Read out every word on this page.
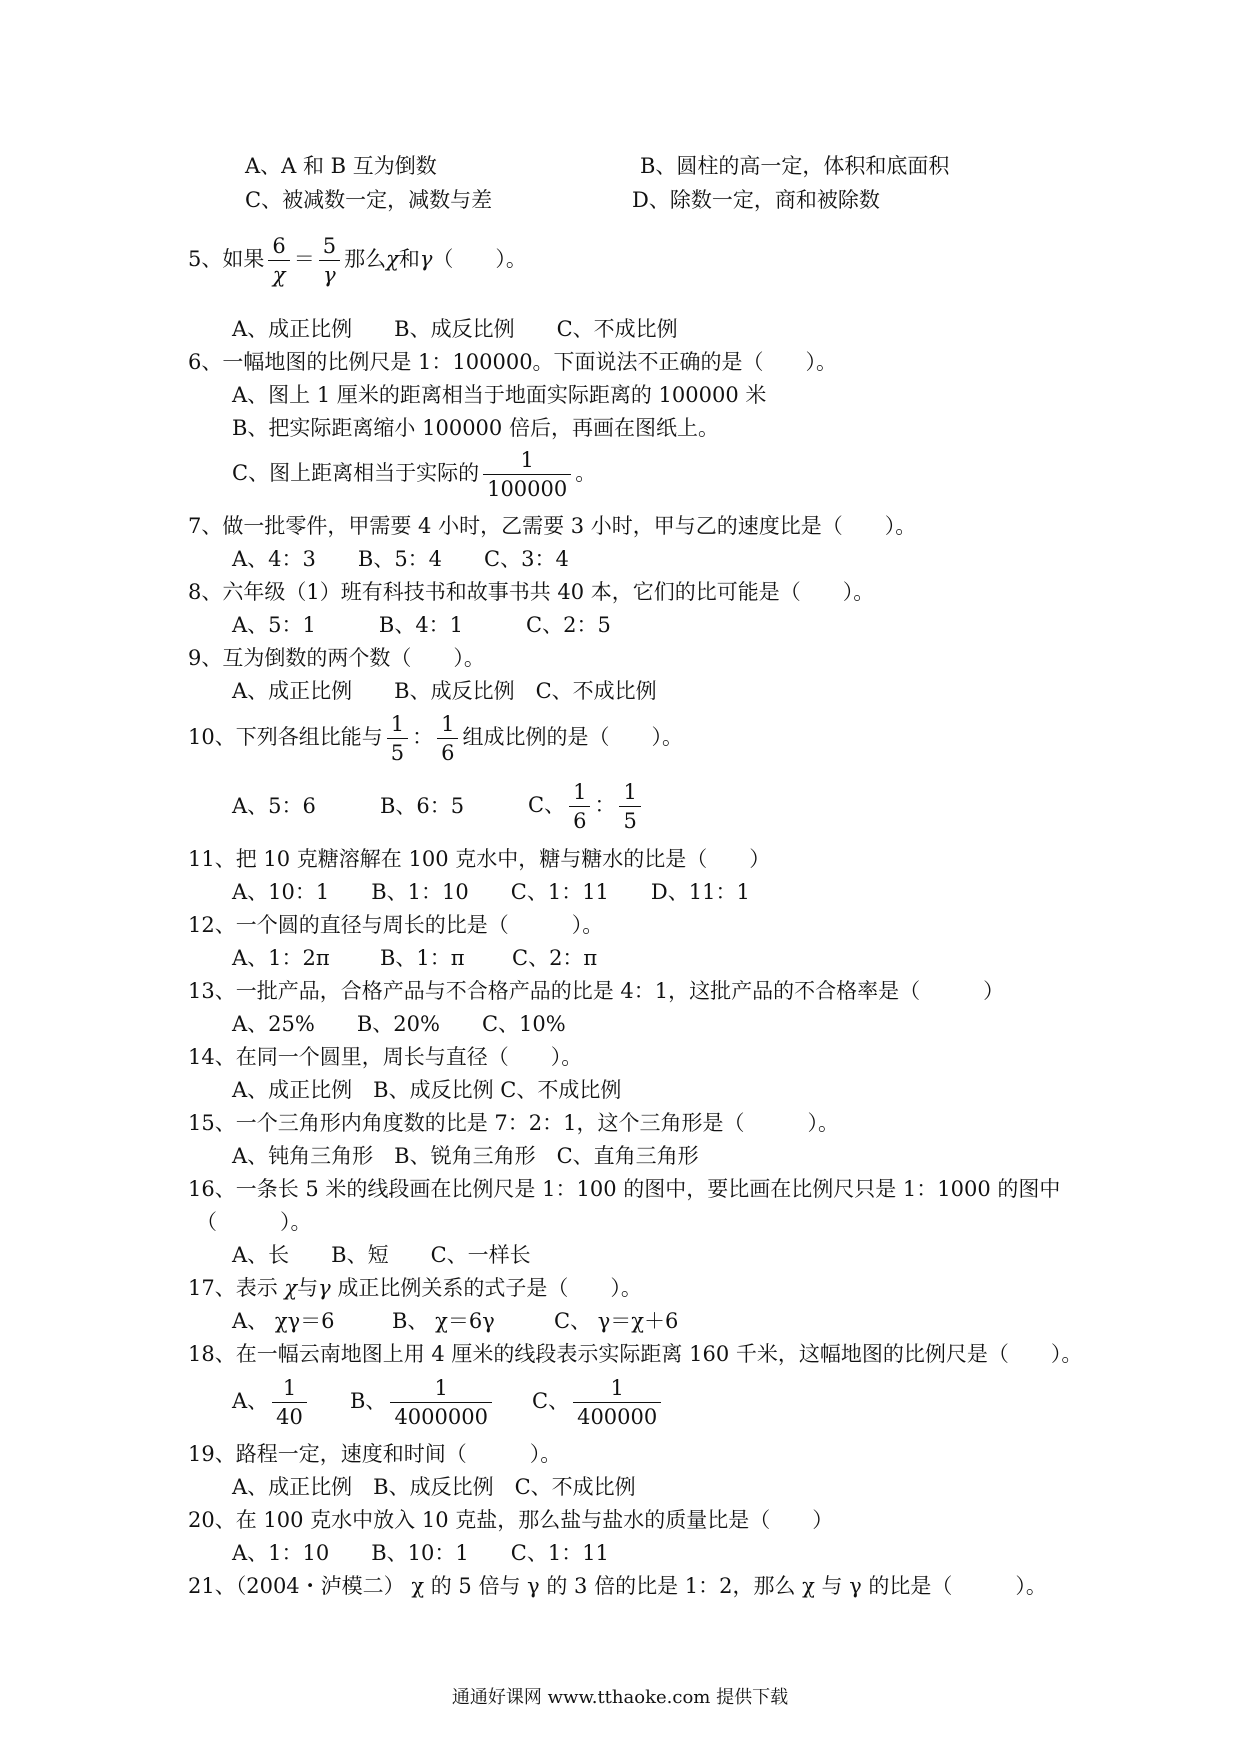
A、A 和 B 互为倒数	B、圆柱的高一定，体积和底面积
C、被减数一定，减数与差	D、除数一定，商和被除数
5、如果 $\frac{6}{\chi} = \frac{5}{\gamma}$ 那么χ和γ（　　）。
A、成正比例　　B、成反比例　　C、不成比例
6、一幅地图的比例尺是 1：100000。下面说法不正确的是（　　）。
A、图上 1 厘米的距离相当于地面实际距离的 100000 米
B、把实际距离缩小 100000 倍后，再画在图纸上。
C、图上距离相当于实际的 $\frac{1}{100000}$ 。
7、做一批零件，甲需要 4 小时，乙需要 3 小时，甲与乙的速度比是（　　）。
A、4：3　　B、5：4　　C、3：4
8、六年级（1）班有科技书和故事书共 40 本，它们的比可能是（　　）。
A、5：1　　　B、4：1　　　C、2：5
9、互为倒数的两个数（　　）。
A、成正比例　　B、成反比例　C、不成比例
10、下列各组比能与 $\frac{1}{5}$ ： $\frac{1}{6}$ 组成比例的是（　　）。
A、5：6	B、6：5	C、 $\frac{1}{6}$ ： $\frac{1}{5}$
11、把 10 克糖溶解在 100 克水中，糖与糖水的比是（　　）
A、10：1　　B、1：10　　C、1：11　　D、11：1
12、一个圆的直径与周长的比是（　　　）。
A、1：2π B、1：π C、2：π
13、一批产品，合格产品与不合格产品的比是 4：1，这批产品的不合格率是（　　　）
A、25%　　B、20%　　C、10%
14、在同一个圆里，周长与直径（　　）。
A、成正比例　B、成反比例 C、不成比例
15、一个三角形内角度数的比是 7：2：1，这个三角形是（　　　）。
A、钝角三角形　B、锐角三角形　C、直角三角形
16、一条长 5 米的线段画在比例尺是 1：100 的图中，要比画在比例尺只是 1：1000 的图中
（　　　）。
A、长　　B、短　　C、一样长
17、表示 χ与γ 成正比例关系的式子是（　　）。
A、 χγ＝6	B、 χ＝6γ	C、 γ＝χ＋6
18、在一幅云南地图上用 4 厘米的线段表示实际距离 160 千米，这幅地图的比例尺是（　　）。
A、 $\frac{1}{40}$ B、 $\frac{1}{4000000}$ C、 $\frac{1}{400000}$
19、路程一定，速度和时间（　　　）。
A、成正比例　B、成反比例　C、不成比例
20、在 100 克水中放入 10 克盐，那么盐与盐水的质量比是（　　）
A、1：10　　B、10：1　　C、1：11
21、（2004・泸模二） χ 的 5 倍与 γ 的 3 倍的比是 1：2，那么 χ 与 γ 的比是（　　　）。
通通好课网 www.tthaoke.com 提供下载
